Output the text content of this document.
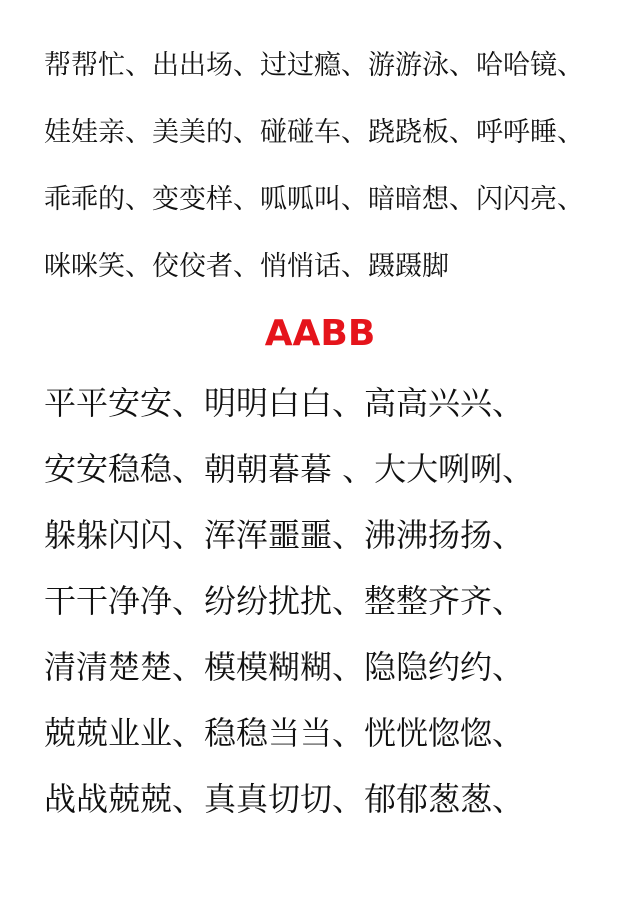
帮帮忙、出出场、过过瘾、游游泳、哈哈镜、
娃娃亲、美美的、碰碰车、跷跷板、呼呼睡、
乖乖的、变变样、呱呱叫、暗暗想、闪闪亮、
咪咪笑、佼佼者、悄悄话、蹑蹑脚
AABB
平平安安、明明白白、高高兴兴、
安安稳稳、朝朝暮暮 、大大咧咧、
躲躲闪闪、浑浑噩噩、沸沸扬扬、
干干净净、纷纷扰扰、整整齐齐、
清清楚楚、模模糊糊、隐隐约约、
兢兢业业、稳稳当当、恍恍惚惚、
战战兢兢、真真切切、郁郁葱葱、
